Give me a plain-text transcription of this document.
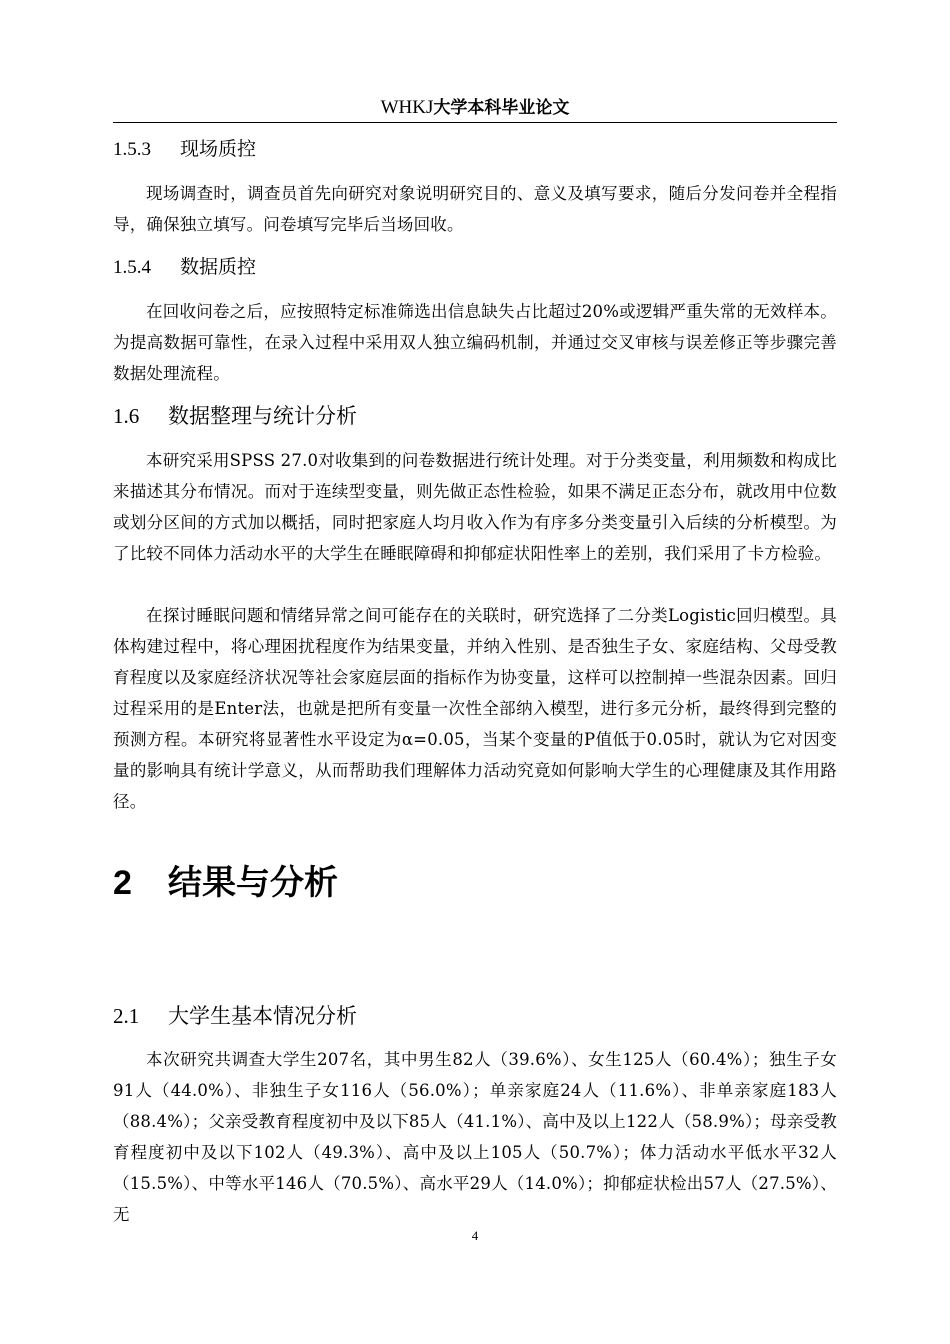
WHKJ大学本科毕业论文
1.5.3 现场质控

现场调查时，调查员首先向研究对象说明研究目的、意义及填写要求，随后分发问卷并全程指导，确保独立填写。问卷填写完毕后当场回收。

1.5.4 数据质控

在回收问卷之后，应按照特定标准筛选出信息缺失占比超过20%或逻辑严重失常的无效样本。为提高数据可靠性，在录入过程中采用双人独立编码机制，并通过交叉审核与误差修正等步骤完善数据处理流程。

1.6 数据整理与统计分析

本研究采用SPSS 27.0对收集到的问卷数据进行统计处理。对于分类变量，利用频数和构成比来描述其分布情况。而对于连续型变量，则先做正态性检验，如果不满足正态分布，就改用中位数或划分区间的方式加以概括，同时把家庭人均月收入作为有序多分类变量引入后续的分析模型。为了比较不同体力活动水平的大学生在睡眠障碍和抑郁症状阳性率上的差别，我们采用了卡方检验。

在探讨睡眠问题和情绪异常之间可能存在的关联时，研究选择了二分类Logistic回归模型。具体构建过程中，将心理困扰程度作为结果变量，并纳入性别、是否独生子女、家庭结构、父母受教育程度以及家庭经济状况等社会家庭层面的指标作为协变量，这样可以控制掉一些混杂因素。回归过程采用的是Enter法，也就是把所有变量一次性全部纳入模型，进行多元分析，最终得到完整的预测方程。本研究将显著性水平设定为α=0.05，当某个变量的P值低于0.05时，就认为它对因变量的影响具有统计学意义，从而帮助我们理解体力活动究竟如何影响大学生的心理健康及其作用路径。

2 结果与分析
2.1 大学生基本情况分析

本次研究共调查大学生207名，其中男生82人（39.6%）、女生125人（60.4%）；独生子女91人（44.0%）、非独生子女116人（56.0%）；单亲家庭24人（11.6%）、非单亲家庭183人（88.4%）；父亲受教育程度初中及以下85人（41.1%）、高中及以上122人（58.9%）；母亲受教育程度初中及以下102人（49.3%）、高中及以上105人（50.7%）；体力活动水平低水平32人（15.5%）、中等水平146人（70.5%）、高水平29人（14.0%）；抑郁症状检出57人（27.5%）、无

4
